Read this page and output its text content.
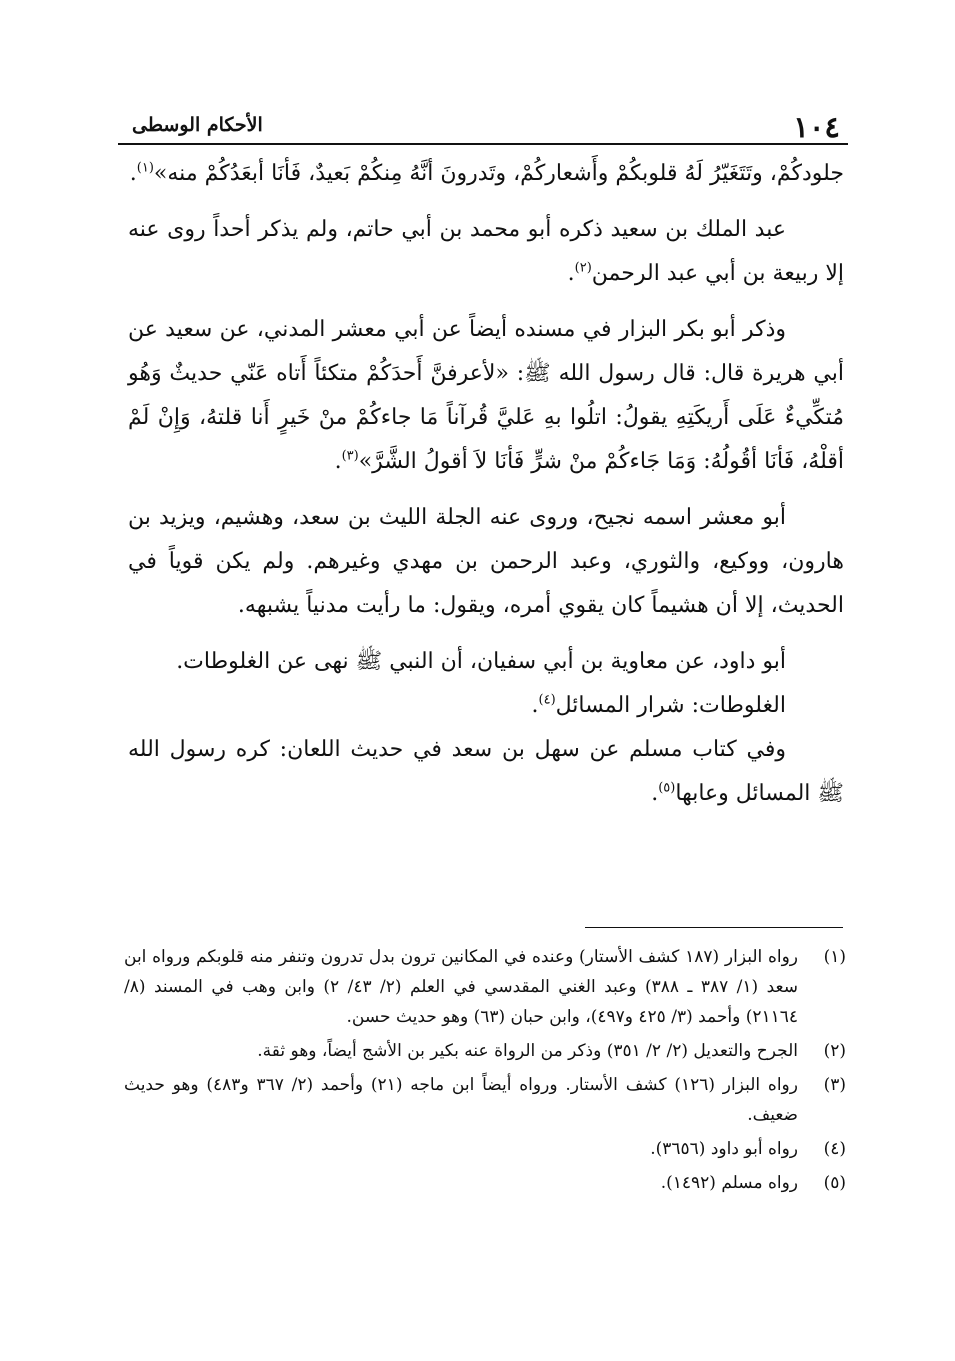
١٠٤
الأحكام الوسطى

جلودكُمْ، وتَتَغَيّرُ لَهُ قلوبكُمْ وأَشعاركُمْ، وتَدرونَ أنَّهُ مِنكُمْ بَعيدٌ، فَأنَا أبعَدُكُمْ منه»$^{(١)}$.

عبد الملك بن سعيد ذكره أبو محمد بن أبي حاتم، ولم يذكر أحداً روى عنه إلا ربيعة بن أبي عبد الرحمن$^{(٢)}$.

وذكر أبو بكر البزار في مسنده أيضاً عن أبي معشر المدني، عن سعيد عن أبي هريرة قال: قال رسول الله ﷺ: «لأعرفنَّ أَحدَكُمْ متكئاً أَتاه عَنّي حديثٌ وَهُو مُتكِّيءٌ عَلَى أَريكَتِهِ يقولُ: اتلُوا بهِ عَليَّ قُرآناً مَا جاءكُمْ منْ خَيرٍ أَنا قلتهُ، وَإِنْ لَمْ أقلْهُ، فَأنَا أقُولُهُ: وَمَا جَاءكُمْ منْ شرٍّ فَأنَا لاَ أقولُ الشَّرَّ»$^{(٣)}$.

أبو معشر اسمه نجيح، وروى عنه الجلة الليث بن سعد، وهشيم، ويزيد بن هارون، ووكيع، والثوري، وعبد الرحمن بن مهدي وغيرهم. ولم يكن قوياً في الحديث، إلا أن هشيماً كان يقوي أمره، ويقول: ما رأيت مدنياً يشبهه.

أبو داود، عن معاوية بن أبي سفيان، أن النبي ﷺ نهى عن الغلوطات.

الغلوطات: شرار المسائل$^{(٤)}$.

وفي كتاب مسلم عن سهل بن سعد في حديث اللعان: كره رسول الله ﷺ المسائل وعابها$^{(٥)}$.

(١)
رواه البزار (١٨٧ كشف الأستار) وعنده في المكانين ترون بدل تدرون وتنفر منه قلوبكم ورواه ابن سعد (١/ ٣٨٧ ـ ٣٨٨) وعبد الغني المقدسي في العلم (٢/ ٤٣/ ٢) وابن وهب في المسند (٨/ ٢١١٦٤) وأحمد (٣/ ٤٢٥ و٤٩٧)، وابن حبان (٦٣) وهو حديث حسن.
(٢)
الجرح والتعديل (٢/ ٢/ ٣٥١) وذكر من الرواة عنه بكير بن الأشج أيضاً، وهو ثقة.
(٣)
رواه البزار (١٢٦) كشف الأستار. ورواه أيضاً ابن ماجه (٢١) وأحمد (٢/ ٣٦٧ و٤٨٣) وهو حديث ضعيف.
(٤)
رواه أبو داود (٣٦٥٦).
(٥)
رواه مسلم (١٤٩٢).
